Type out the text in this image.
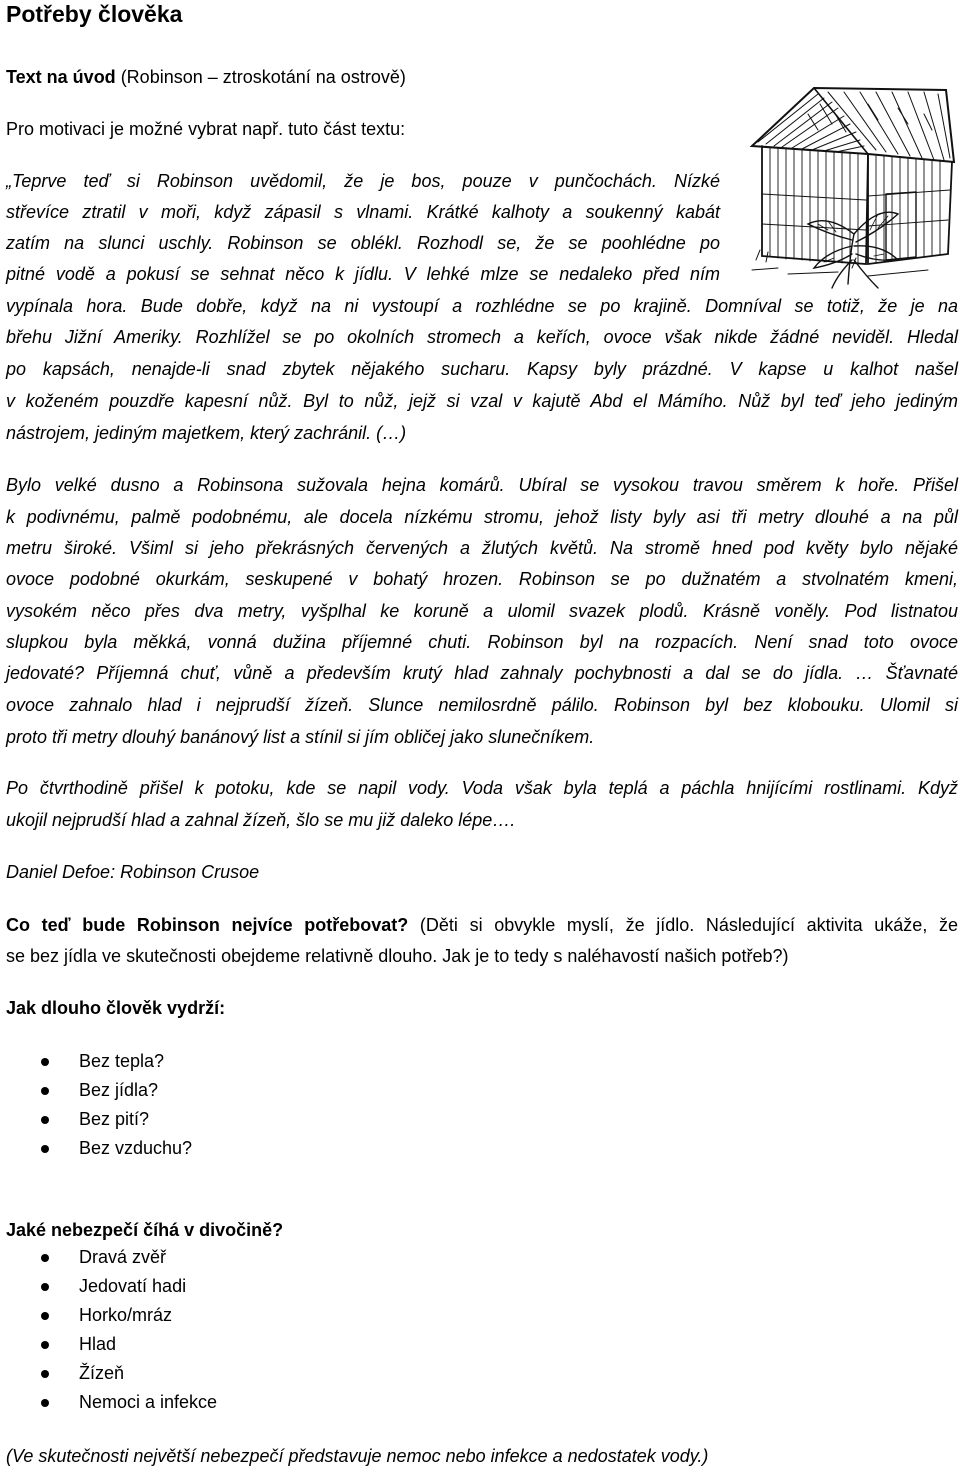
Potřeby člověka

Text na úvod (Robinson – ztroskotání na ostrově)

Pro motivaci je možné vybrat např. tuto část textu:

„Teprve teď si Robinson uvědomil, že je bos, pouze v punčochách. Nízké

střevíce ztratil v moři, když zápasil s vlnami. Krátké kalhoty a soukenný kabát

zatím na slunci uschly. Robinson se oblékl. Rozhodl se, že se poohlédne po

pitné vodě a pokusí se sehnat něco k jídlu. V lehké mlze se nedaleko před ním

vypínala hora. Bude dobře, když na ni vystoupí a rozhlédne se po krajině. Domníval se totiž, že je na

břehu Jižní Ameriky. Rozhlížel se po okolních stromech a keřích, ovoce však nikde žádné neviděl. Hledal

po kapsách, nenajde-li snad zbytek nějakého sucharu. Kapsy byly prázdné. V kapse u kalhot našel

v koženém pouzdře kapesní nůž. Byl to nůž, jejž si vzal v kajutě Abd el Mámího. Nůž byl teď jeho jediným

nástrojem, jediným majetkem, který zachránil. (…)

Bylo velké dusno a Robinsona sužovala hejna komárů. Ubíral se vysokou travou směrem k hoře. Přišel

k podivnému, palmě podobnému, ale docela nízkému stromu, jehož listy byly asi tři metry dlouhé a na půl

metru široké. Všiml si jeho překrásných červených a žlutých květů. Na stromě hned pod květy bylo nějaké

ovoce podobné okurkám, seskupené v bohatý hrozen. Robinson se po dužnatém a stvolnatém kmeni,

vysokém něco přes dva metry, vyšplhal ke koruně a ulomil svazek plodů. Krásně voněly. Pod listnatou

slupkou byla měkká, vonná dužina příjemné chuti. Robinson byl na rozpacích. Není snad toto ovoce

jedovaté? Příjemná chuť, vůně a především krutý hlad zahnaly pochybnosti a dal se do jídla. … Šťavnaté

ovoce zahnalo hlad i nejprudší žízeň. Slunce nemilosrdně pálilo. Robinson byl bez klobouku. Ulomil si

proto tři metry dlouhý banánový list a stínil si jím obličej jako slunečníkem.

Po čtvrthodině přišel k potoku, kde se napil vody. Voda však byla teplá a páchla hnijícími rostlinami. Když

ukojil nejprudší hlad a zahnal žízeň, šlo se mu již daleko lépe….

Daniel Defoe: Robinson Crusoe

Co teď bude Robinson nejvíce potřebovat? (Děti si obvykle myslí, že jídlo. Následující aktivita ukáže, že

se bez jídla ve skutečnosti obejdeme relativně dlouho. Jak je to tedy s naléhavostí našich potřeb?)

Jak dlouho člověk vydrží:

Bez tepla?

Bez jídla?

Bez pití?

Bez vzduchu?

Jaké nebezpečí číhá v divočině?

Dravá zvěř

Jedovatí hadi

Horko/mráz

Hlad

Žízeň

Nemoci a infekce

(Ve skutečnosti největší nebezpečí představuje nemoc nebo infekce a nedostatek vody.)
